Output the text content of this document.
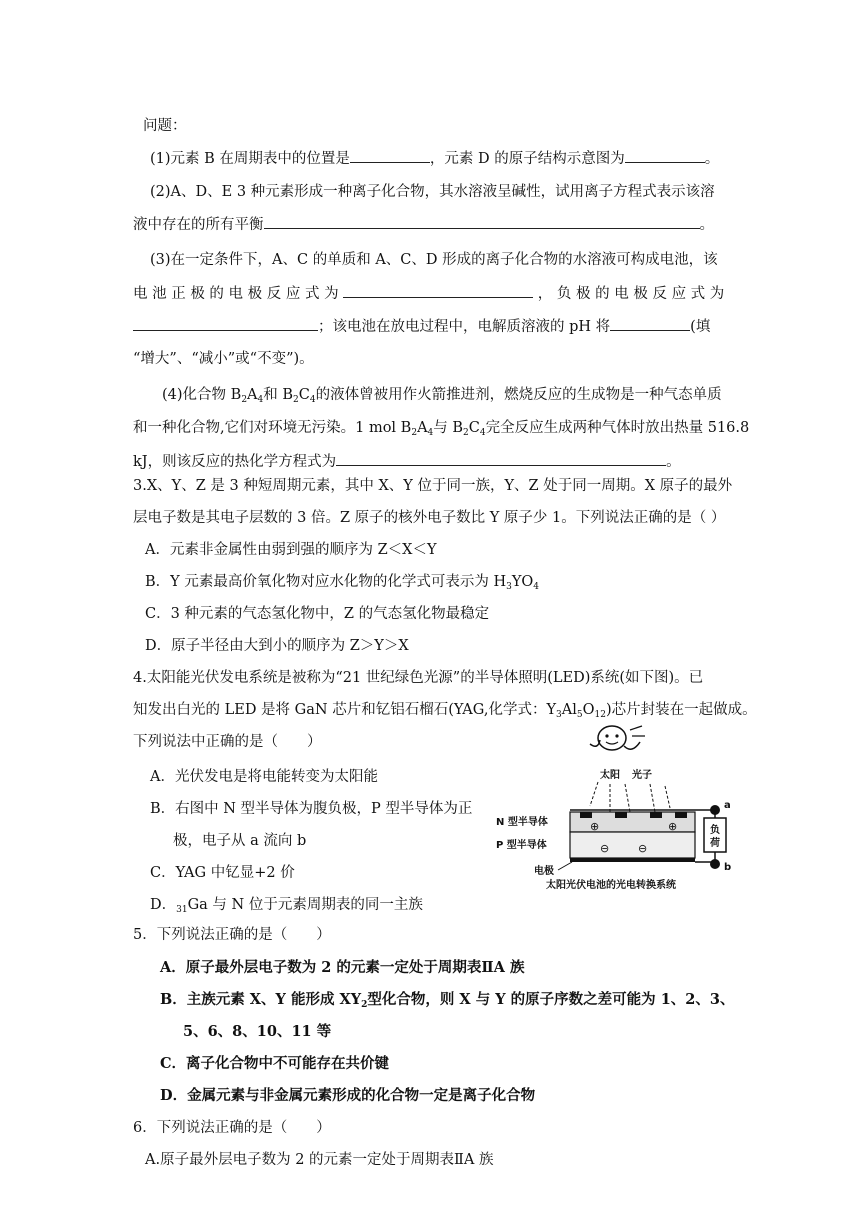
问题：
(1)元素 B 在周期表中的位置是	，元素 D 的原子结构示意图为	。
(2)A、D、E 3 种元素形成一种离子化合物，其水溶液呈碱性，试用离子方程式表示该溶
液中存在的所有平衡	。
(3)在一定条件下，A、C 的单质和 A、C、D 形成的离子化合物的水溶液可构成电池，该
电 池 正 极 的 电 极 反 应 式 为	， 负 极 的 电 极 反 应 式 为
；该电池在放电过程中，电解质溶液的 pH 将	(填
“增大”、“减小”或“不变”)。
(4)化合物 $B_2A_4$和 $B_2C_4$的液体曾被用作火箭推进剂，燃烧反应的生成物是一种气态单质
和一种化合物,它们对环境无污染。1 mol $B_2A_4$与 $B_2C_4$完全反应生成两种气体时放出热量 516.8
kJ，则该反应的热化学方程式为	。
3.X、Y、Z 是 3 种短周期元素，其中 X、Y 位于同一族，Y、Z 处于同一周期。X 原子的最外
层电子数是其电子层数的 3 倍。Z 原子的核外电子数比 Y 原子少 1。下列说法正确的是（ ）
A．元素非金属性由弱到强的顺序为 Z＜X＜Y
B．Y 元素最高价氧化物对应水化物的化学式可表示为 $H_3YO_4$
C．3 种元素的气态氢化物中，Z 的气态氢化物最稳定
D．原子半径由大到小的顺序为 Z＞Y＞X
4.太阳能光伏发电系统是被称为“21 世纪绿色光源”的半导体照明(LED)系统(如下图)。已
知发出白光的 LED 是将 GaN 芯片和钇铝石榴石(YAG,化学式：$Y_3Al_5O_{12}$)芯片封装在一起做成。
下列说法中正确的是（　　）
A．光伏发电是将电能转变为太阳能
B．右图中 N 型半导体为腹负极，P 型半导体为正
极，电子从 a 流向 b
C．YAG 中钇显+2 价
D．$_{31}$Ga 与 N 位于元素周期表的同一主族
5．下列说法正确的是（　　）
A．原子最外层电子数为 2 的元素一定处于周期表ⅡA 族
B．主族元素 X、Y 能形成 $XY_2$型化合物，则 X 与 Y 的原子序数之差可能为 1、2、3、
5、6、8、10、11 等
C．离子化合物中不可能存在共价键
D．金属元素与非金属元素形成的化合物一定是离子化合物
6．下列说法正确的是（　　）
A.原子最外层电子数为 2 的元素一定处于周期表ⅡA 族
太阳 光子
a
N 型半导体
P 型半导体
⊕	⊕
⊖	⊖
b
电极
负
荷
太阳光伏电池的光电转换系统
